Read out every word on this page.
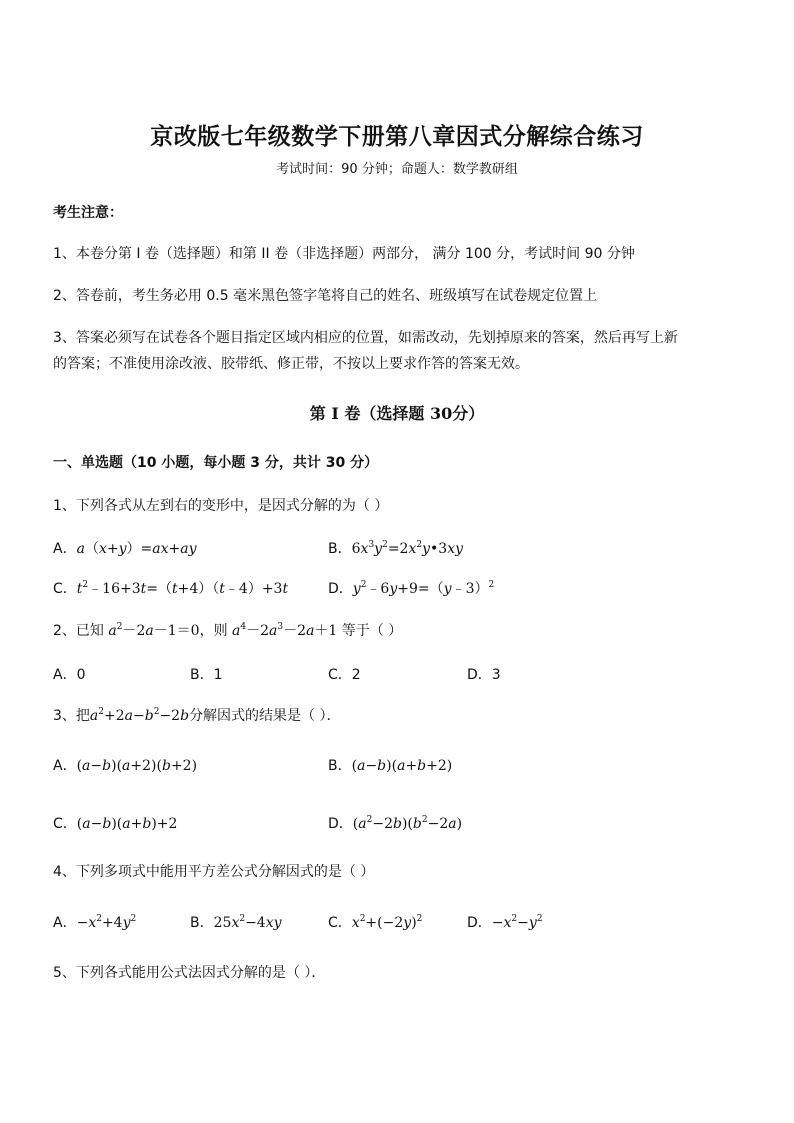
京改版七年级数学下册第八章因式分解综合练习
考试时间：90 分钟；命题人：数学教研组
考生注意：
1、本卷分第 I 卷（选择题）和第 II 卷（非选择题）两部分， 满分 100 分，考试时间 90 分钟
2、答卷前，考生务必用 0.5 毫米黑色签字笔将自己的姓名、班级填写在试卷规定位置上
3、答案必须写在试卷各个题目指定区域内相应的位置，如需改动，先划掉原来的答案，然后再写上新
的答案；不准使用涂改液、胶带纸、修正带，不按以上要求作答的答案无效。
第 I 卷（选择题 30分）
一、单选题（10 小题，每小题 3 分，共计 30 分）
1、下列各式从左到右的变形中，是因式分解的为（ ）
A．a（x+y）=ax+ay	B．$6x^3y^2=2x^2y•3xy$
C．$t^2﹣16+3t=(t+4)(t﹣4)+3t$	D．$y^2﹣6y+9=(y﹣3)^2$
2、已知 $a^2-2a-1=0$，则 $a^4-2a^3-2a+1$ 等于（ ）
A．0	B．1	C．2	D．3
3、把$a^2+2a-b^2-2b$分解因式的结果是（ ）．
A．(a−b)(a+2)(b+2)	B．(a−b)(a+b+2)
C．(a−b)(a+b)+2	D．$(a^2-2b)(b^2-2a)$
4、下列多项式中能用平方差公式分解因式的是（ ）
A．$-x^2+4y^2$	B．$25x^2-4xy$	C．$x^2+(-2y)^2$	D．$-x^2-y^2$
5、下列各式能用公式法因式分解的是（ ）．
